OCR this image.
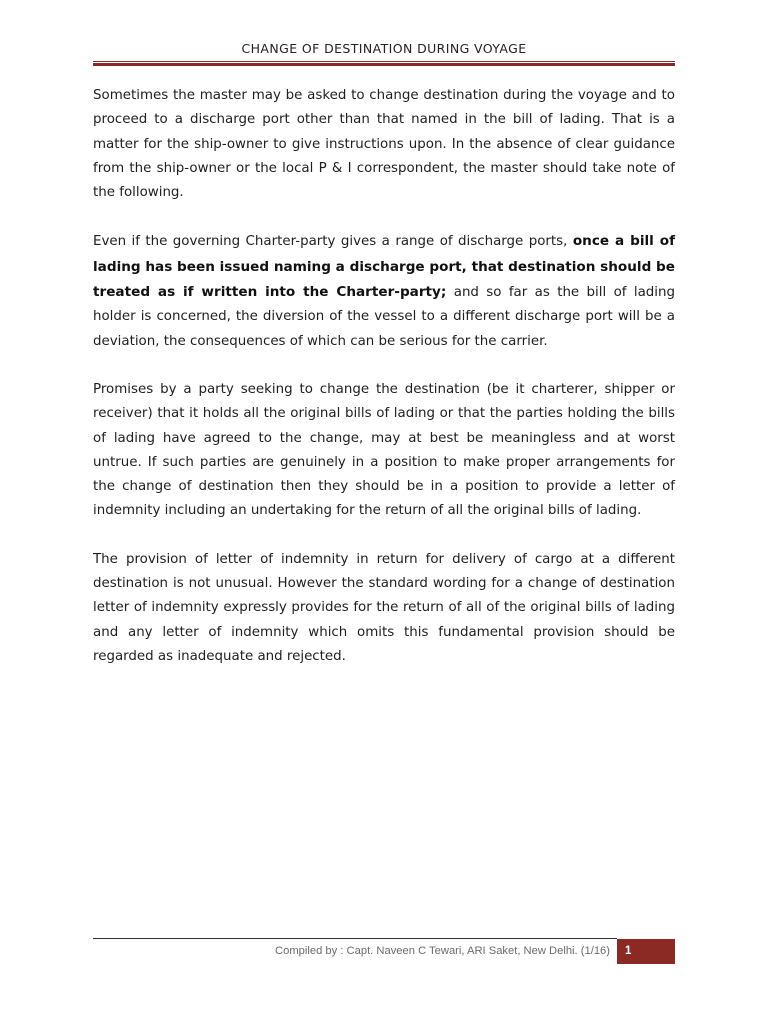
CHANGE OF DESTINATION DURING VOYAGE

Sometimes the master may be asked to change destination during the voyage and to proceed to a discharge port other than that named in the bill of lading. That is a matter for the ship-owner to give instructions upon. In the absence of clear guidance from the ship-owner or the local P & I correspondent, the master should take note of the following.

Even if the governing Charter-party gives a range of discharge ports, once a bill of lading has been issued naming a discharge port, that destination should be treated as if written into the Charter-party; and so far as the bill of lading holder is concerned, the diversion of the vessel to a different discharge port will be a deviation, the consequences of which can be serious for the carrier.

Promises by a party seeking to change the destination (be it charterer, shipper or receiver) that it holds all the original bills of lading or that the parties holding the bills of lading have agreed to the change, may at best be meaningless and at worst untrue. If such parties are genuinely in a position to make proper arrangements for the change of destination then they should be in a position to provide a letter of indemnity including an undertaking for the return of all the original bills of lading.

The provision of letter of indemnity in return for delivery of cargo at a different destination is not unusual. However the standard wording for a change of destination letter of indemnity expressly provides for the return of all of the original bills of lading and any letter of indemnity which omits this fundamental provision should be regarded as inadequate and rejected.

Compiled by : Capt. Naveen C Tewari, ARI Saket, New Delhi. (1/16) 1
